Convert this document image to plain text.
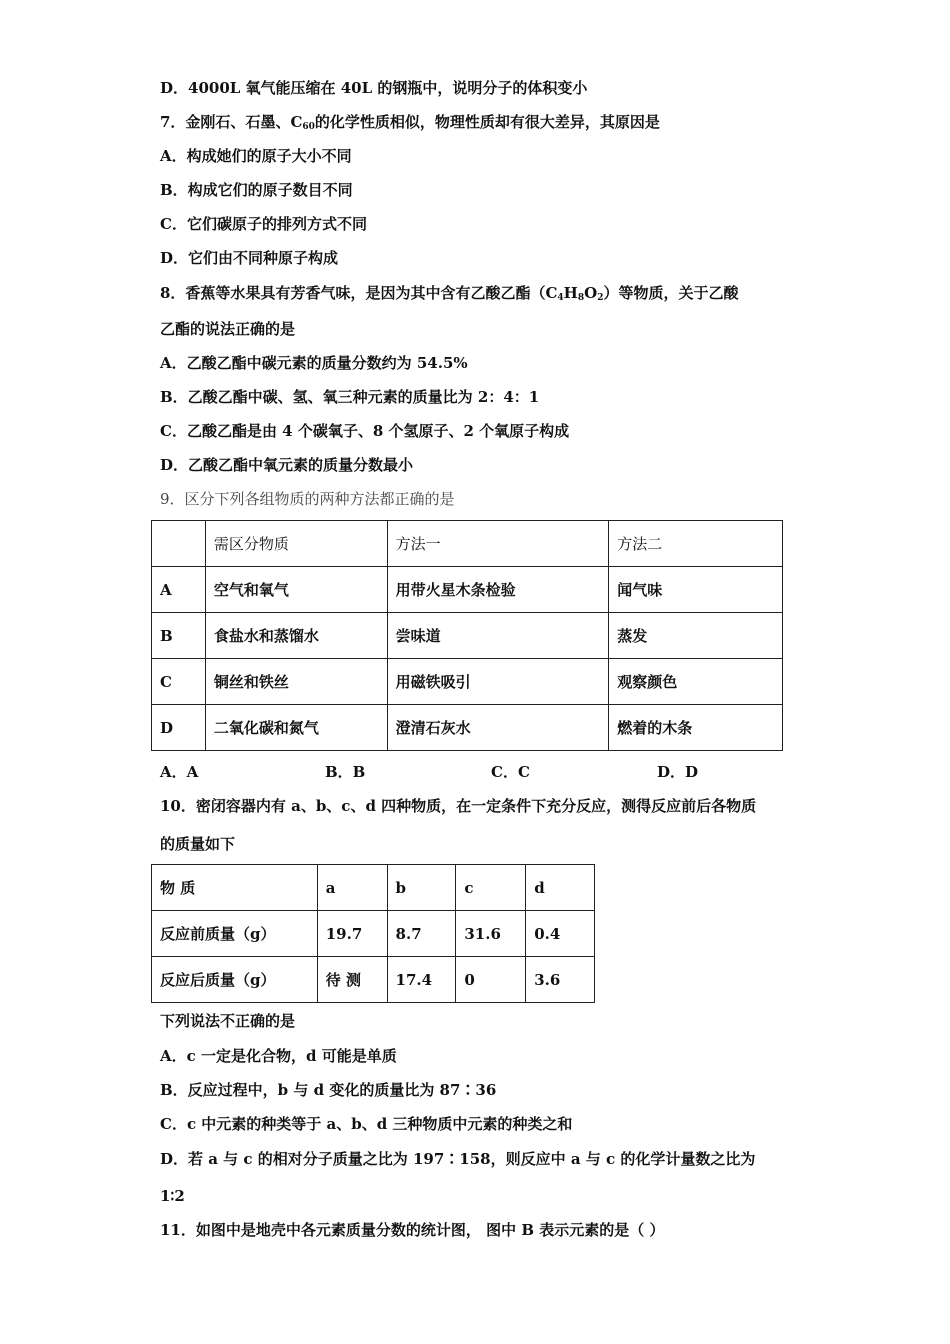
D．4000L 氧气能压缩在 40L 的钢瓶中，说明分子的体积变小
7．金刚石、石墨、$C_{60}$的化学性质相似，物理性质却有很大差异，其原因是
A．构成她们的原子大小不同
B．构成它们的原子数目不同
C．它们碳原子的排列方式不同
D．它们由不同种原子构成
8．香蕉等水果具有芳香气味，是因为其中含有乙酸乙酯$(C_4H_8O_2)$等物质，关于乙酸
乙酯的说法正确的是
A．乙酸乙酯中碳元素的质量分数约为 54.5%
B．乙酸乙酯中碳、氢、氧三种元素的质量比为 2：4：1
C．乙酸乙酯是由 4 个碳氧子、8 个氢原子、2 个氧原子构成
D．乙酸乙酯中氧元素的质量分数最小
9．区分下列各组物质的两种方法都正确的是
	需区分物质	方法一	方法二
A	空气和氧气	用带火星木条检验	闻气味
B	食盐水和蒸馏水	尝味道	蒸发
C	铜丝和铁丝	用磁铁吸引	观察颜色
D	二氧化碳和氮气	澄清石灰水	燃着的木条
A．A	B．B	C．C	D．D
10．密闭容器内有 a、b、c、d 四种物质，在一定条件下充分反应，测得反应前后各物质
的质量如下
物 质	a	b	c	d
反应前质量（g）	19.7	8.7	31.6	0.4
反应后质量（g）	待 测	17.4	0	3.6
下列说法不正确的是
A．c 一定是化合物，d 可能是单质
B．反应过程中，b 与 d 变化的质量比为 87∶36
C．c 中元素的种类等于 a、b、d 三种物质中元素的种类之和
D．若 a 与 c 的相对分子质量之比为 197∶158，则反应中 a 与 c 的化学计量数之比为
1∶2
11．如图中是地壳中各元素质量分数的统计图， 图中 B 表示元素的是（ ）
